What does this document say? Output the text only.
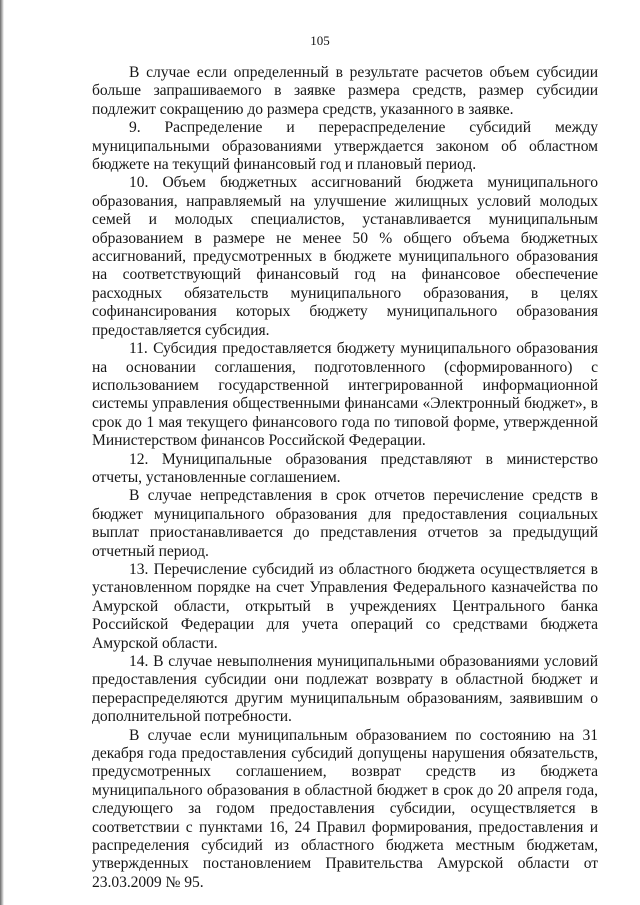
105

В случае если определенный в результате расчетов объем субсидии больше запрашиваемого в заявке размера средств, размер субсидии подлежит сокращению до размера средств, указанного в заявке.

9. Распределение и перераспределение субсидий между муниципальными образованиями утверждается законом об областном бюджете на текущий финансовый год и плановый период.

10. Объем бюджетных ассигнований бюджета муниципального образования, направляемый на улучшение жилищных условий молодых семей и молодых специалистов, устанавливается муниципальным образованием в размере не менее 50 % общего объема бюджетных ассигнований, предусмотренных в бюджете муниципального образования на соответствующий финансовый год на финансовое обеспечение расходных обязательств муниципального образования, в целях софинансирования которых бюджету муниципального образования предоставляется субсидия.

11. Субсидия предоставляется бюджету муниципального образования на основании соглашения, подготовленного (сформированного) с использованием государственной интегрированной информационной системы управления общественными финансами «Электронный бюджет», в срок до 1 мая текущего финансового года по типовой форме, утвержденной Министерством финансов Российской Федерации.

12. Муниципальные образования представляют в министерство отчеты, установленные соглашением.

В случае непредставления в срок отчетов перечисление средств в бюджет муниципального образования для предоставления социальных выплат приостанавливается до представления отчетов за предыдущий отчетный период.

13. Перечисление субсидий из областного бюджета осуществляется в установленном порядке на счет Управления Федерального казначейства по Амурской области, открытый в учреждениях Центрального банка Российской Федерации для учета операций со средствами бюджета Амурской области.

14. В случае невыполнения муниципальными образованиями условий предоставления субсидии они подлежат возврату в областной бюджет и перераспределяются другим муниципальным образованиям, заявившим о дополнительной потребности.

В случае если муниципальным образованием по состоянию на 31 декабря года предоставления субсидий допущены нарушения обязательств, предусмотренных соглашением, возврат средств из бюджета муниципального образования в областной бюджет в срок до 20 апреля года, следующего за годом предоставления субсидии, осуществляется в соответствии с пунктами 16, 24 Правил формирования, предоставления и распределения субсидий из областного бюджета местным бюджетам, утвержденных постановлением Правительства Амурской области от 23.03.2009 № 95.
